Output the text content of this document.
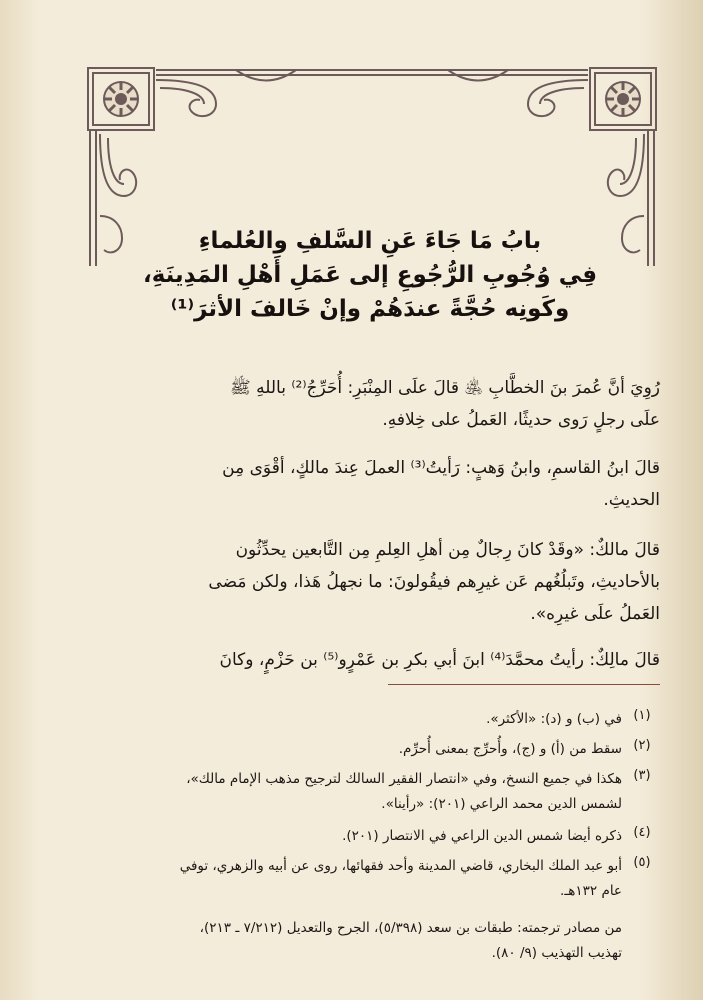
بابُ مَا جَاءَ عَنِ السَّلفِ والعُلماءِ
فِي وُجُوبِ الرُّجُوعِ إلى عَمَلِ أَهْلِ المَدِينَةِ،
وكَونِه حُجَّةً عندَهُمْ وإنْ خَالفَ الأثرَ⁽¹⁾
رُوِيَ أنَّ عُمرَ بنَ الخطَّابِ ﵁ قالَ علَى المِنْبَرِ: أُحَرِّجُ⁽²⁾ باللهِ ﷺ
علَى رجلٍ رَوى حديثًا، العَملُ على خِلافهِ.
قالَ ابنُ القاسمِ، وابنُ وَهبٍ: رَأيتُ⁽³⁾ العملَ عِندَ مالكٍ، أقْوَى مِن
الحديثِ.
قالَ مالكٌ: «وقَدْ كانَ رِجالٌ مِن أهلِ العِلمِ مِن التَّابعين يحدِّثُون
بالأحاديثِ، وتَبلُغُهم عَن غيرِهم فيقُولونَ: ما نجهلُ هَذا، ولكن مَضى
العَملُ علَى غيرِه».
قالَ مالِكٌ: رأيتُ محمَّدَ⁽⁴⁾ ابنَ أبي بكرِ بن عَمْرٍو⁽⁵⁾ بن حَزْمٍ، وكانَ
(١)
في (ب) و (د): «الأكثر».
(٢)
سقط من (أ) و (ج)، وأُحرِّج بمعنى أُحرِّم.
(٣)
هكذا في جميع النسخ، وفي «انتصار الفقير السالك لترجيح مذهب الإمام مالك»،
لشمس الدين محمد الراعي (٢٠١): «رأينا».
(٤)
ذكره أيضا شمس الدين الراعي في الانتصار (٢٠١).
(٥)
أبو عبد الملك البخاري، قاضي المدينة وأحد فقهائها، روى عن أبيه والزهري، توفي
عام ١٣٢هـ.
من مصادر ترجمته: طبقات بن سعد (٥/٣٩٨)، الجرح والتعديل (٧/٢١٢ ـ ٢١٣)،
تهذيب التهذيب (٩/ ٨٠).
